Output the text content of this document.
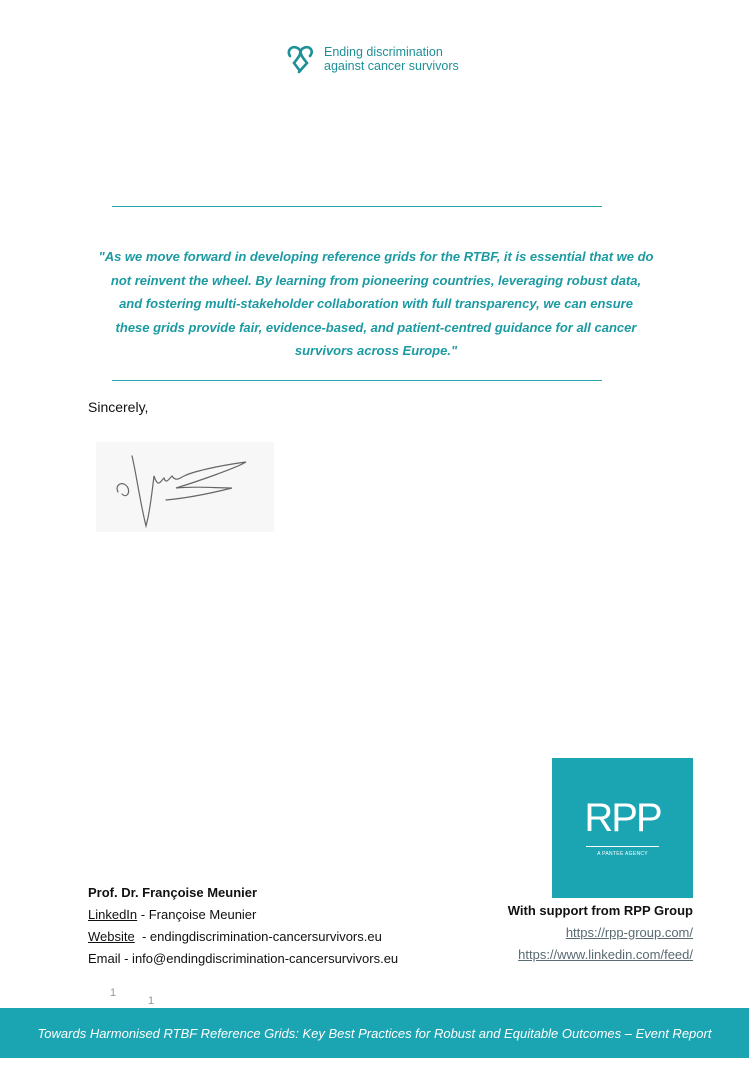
Ending discrimination
against cancer survivors
"As we move forward in developing reference grids for the RTBF, it is essential that we do
not reinvent the wheel. By learning from pioneering countries, leveraging robust data,
and fostering multi-stakeholder collaboration with full transparency, we can ensure
these grids provide fair, evidence-based, and patient-centred guidance for all cancer
survivors across Europe."
Sincerely,
RPP
A PANTEE AGENCY
Prof. Dr. Françoise Meunier
LinkedIn - Françoise Meunier
Website  - endingdiscrimination-cancersurvivors.eu
Email - info@endingdiscrimination-cancersurvivors.eu
With support from RPP Group
https://rpp-group.com/
https://www.linkedin.com/feed/
1
1
Towards Harmonised RTBF Reference Grids: Key Best Practices for Robust and Equitable Outcomes – Event Report
